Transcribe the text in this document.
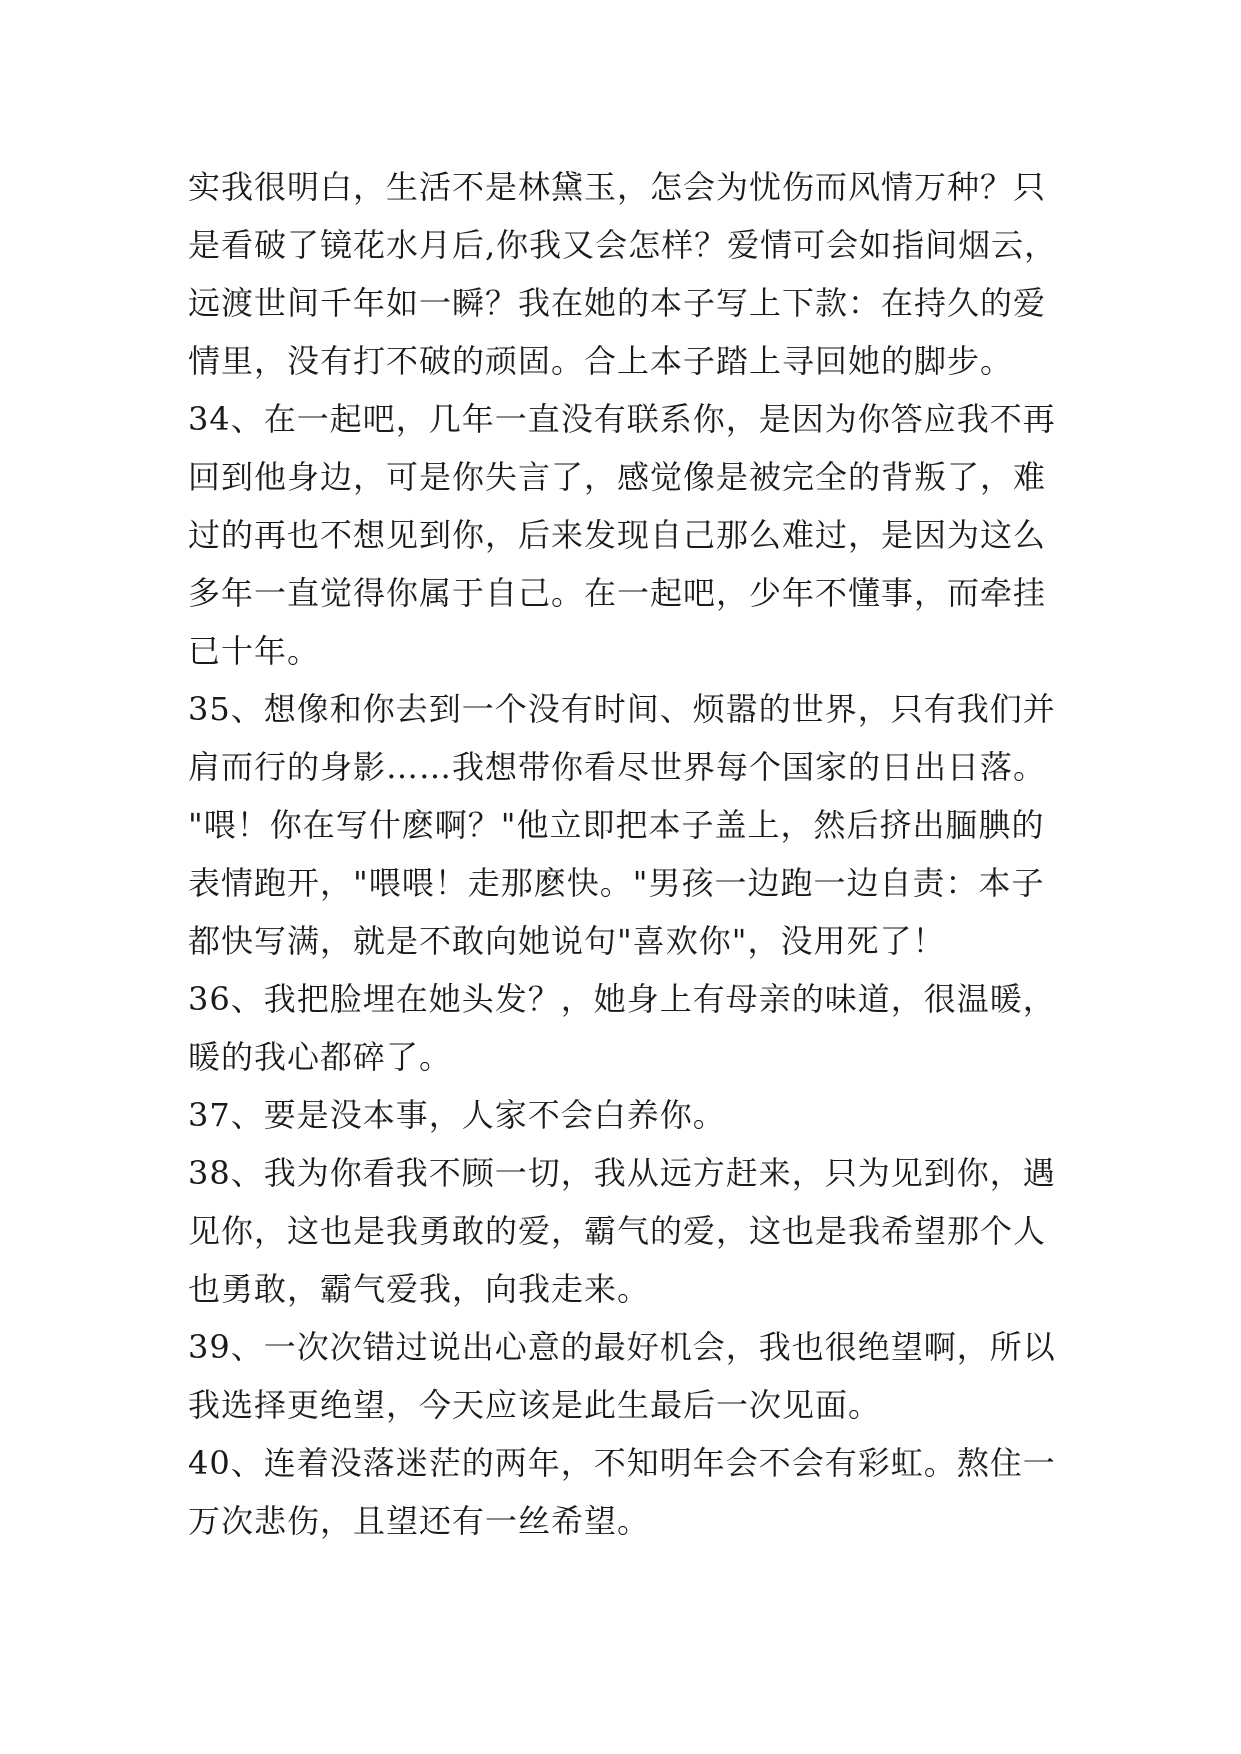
实我很明白，生活不是林黛玉，怎会为忧伤而风情万种？只
是看破了镜花水月后,你我又会怎样？爱情可会如指间烟云，
远渡世间千年如一瞬？我在她的本子写上下款：在持久的爱
情里，没有打不破的顽固。合上本子踏上寻回她的脚步。
34、在一起吧，几年一直没有联系你，是因为你答应我不再
回到他身边，可是你失言了，感觉像是被完全的背叛了，难
过的再也不想见到你，后来发现自己那么难过，是因为这么
多年一直觉得你属于自己。在一起吧，少年不懂事，而牵挂
已十年。
35、想像和你去到一个没有时间、烦嚣的世界，只有我们并
肩而行的身影……我想带你看尽世界每个国家的日出日落。
"喂！你在写什麽啊？"他立即把本子盖上，然后挤出腼腆的
表情跑开，"喂喂！走那麽快。"男孩一边跑一边自责：本子
都快写满，就是不敢向她说句"喜欢你"，没用死了！
36、我把脸埋在她头发？，她身上有母亲的味道，很温暖，
暖的我心都碎了。
37、要是没本事，人家不会白养你。
38、我为你看我不顾一切，我从远方赶来，只为见到你，遇
见你，这也是我勇敢的爱，霸气的爱，这也是我希望那个人
也勇敢，霸气爱我，向我走来。
39、一次次错过说出心意的最好机会，我也很绝望啊，所以
我选择更绝望，今天应该是此生最后一次见面。
40、连着没落迷茫的两年，不知明年会不会有彩虹。熬住一
万次悲伤，且望还有一丝希望。
